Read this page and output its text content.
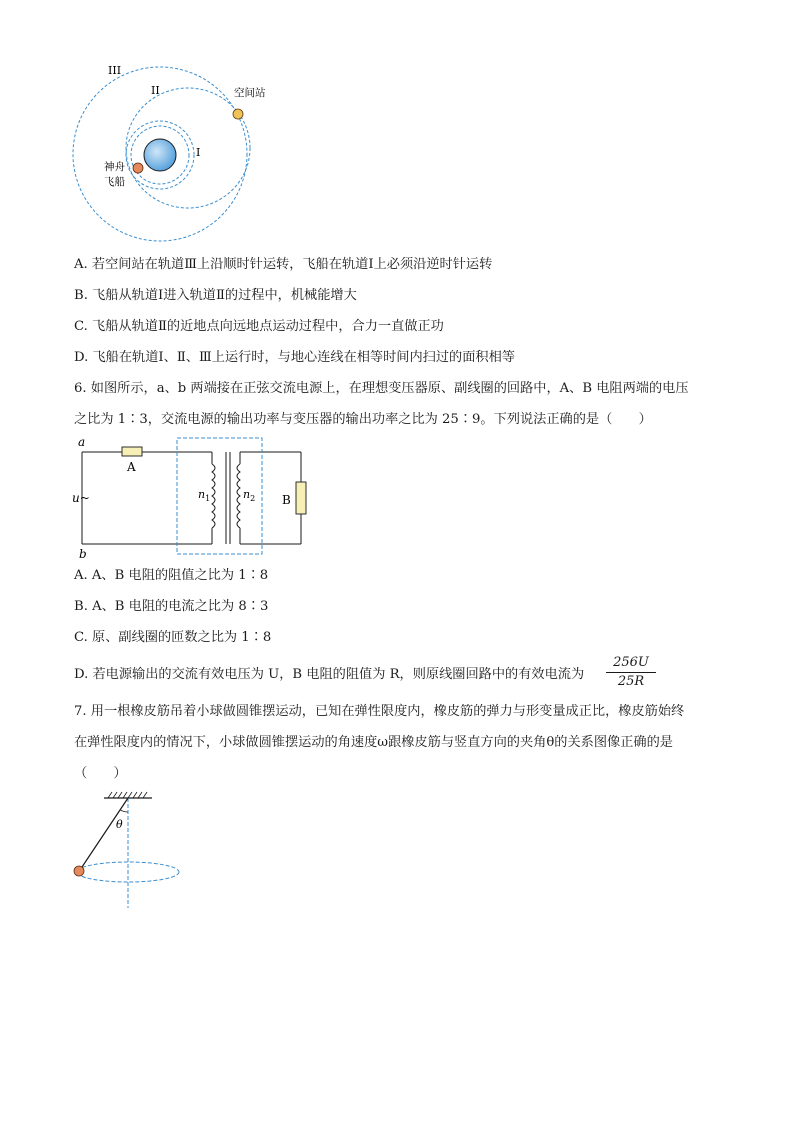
III
II
I
空间站
神舟
飞船
A. 若空间站在轨道Ⅲ上沿顺时针运转，飞船在轨道Ⅰ上必须沿逆时针运转
B. 飞船从轨道Ⅰ进入轨道Ⅱ的过程中，机械能增大
C. 飞船从轨道Ⅱ的近地点向远地点运动过程中，合力一直做正功
D. 飞船在轨道Ⅰ、Ⅱ、Ⅲ上运行时，与地心连线在相等时间内扫过的面积相等
6. 如图所示，a、b 两端接在正弦交流电源上，在理想变压器原、副线圈的回路中，A、B 电阻两端的电压
之比为 1∶3，交流电源的输出功率与变压器的输出功率之比为 25∶9。下列说法正确的是（　　）
a
b
u~
A
B
$n_1$	$n_2$
A. A、B 电阻的阻值之比为 1∶8
B. A、B 电阻的电流之比为 8∶3
C. 原、副线圈的匝数之比为 1∶8
D. 若电源输出的交流有效电压为 U，B 电阻的阻值为 R，则原线圈回路中的有效电流为 $\frac{256U}{25R}$
7. 用一根橡皮筋吊着小球做圆锥摆运动，已知在弹性限度内，橡皮筋的弹力与形变量成正比，橡皮筋始终
在弹性限度内的情况下，小球做圆锥摆运动的角速度ω跟橡皮筋与竖直方向的夹角θ的关系图像正确的是
（　　）
θ
